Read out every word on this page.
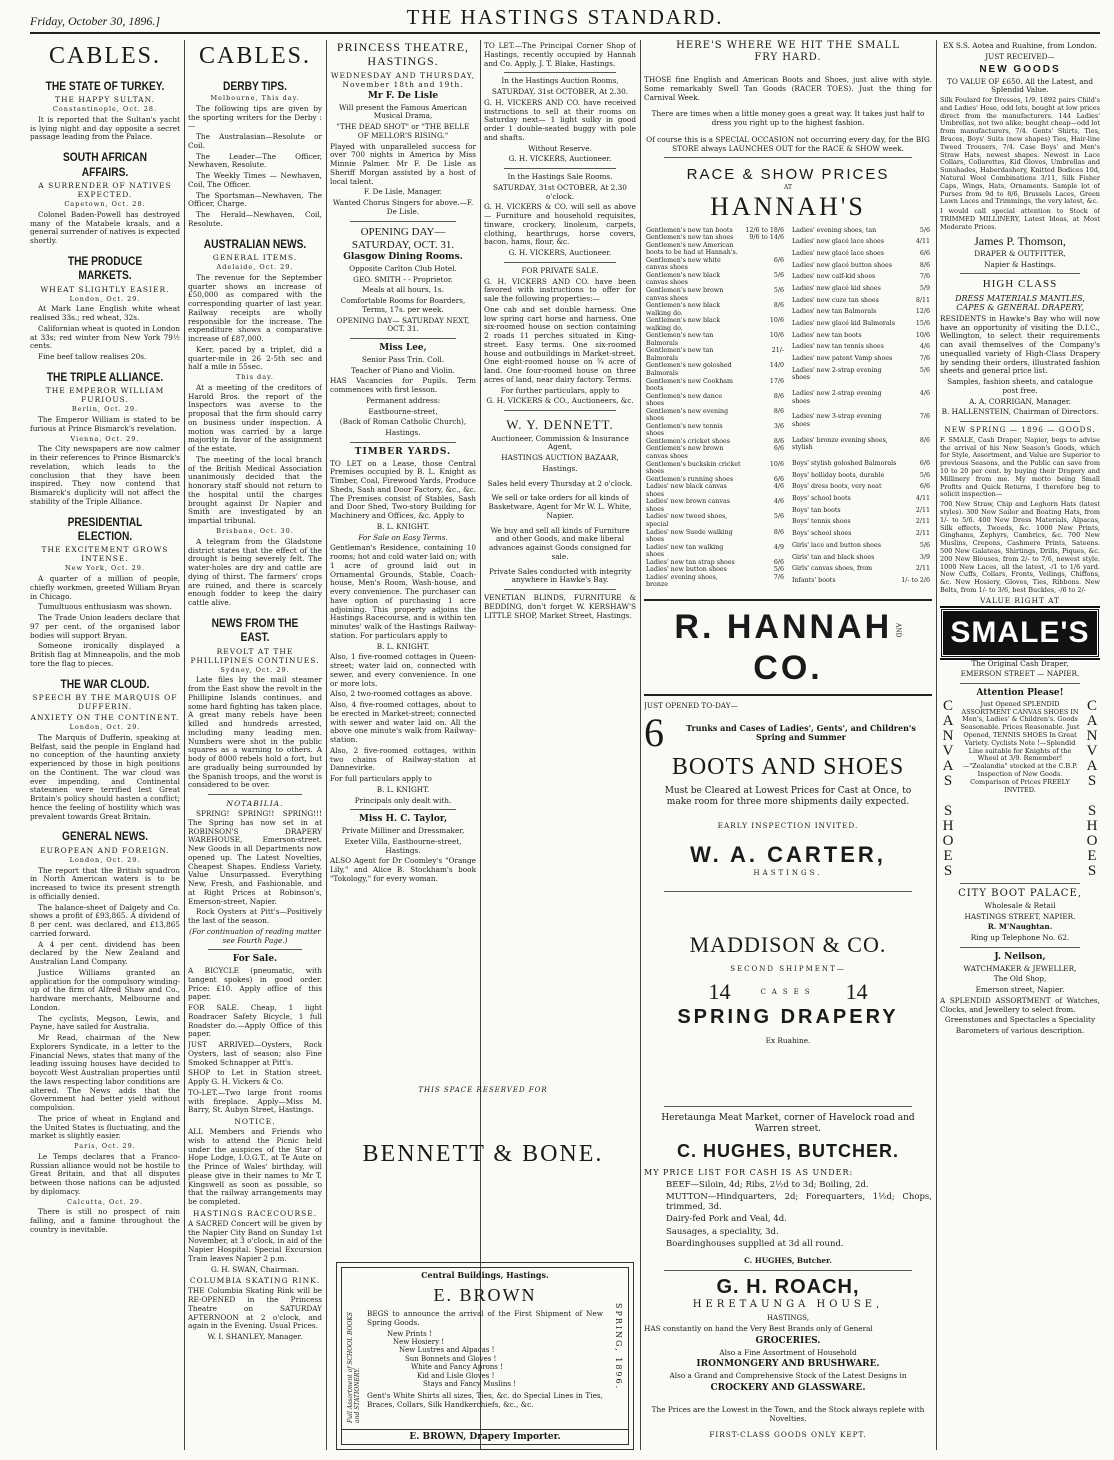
Friday, October 30, 1896.]	THE HASTINGS STANDARD.
CABLES.
THE STATE OF TURKEY.
THE HAPPY SULTAN.
Constantinople, Oct. 28.

It is reported that the Sultan's yacht is lying night and day opposite a secret passage leading from the Palace.

SOUTH AFRICAN AFFAIRS.
A SURRENDER OF NATIVES EXPECTED.
Capetown, Oct. 28.

Colonel Baden-Powell has destroyed many of the Matabele kraals, and a general surrender of natives is expected shortly.

THE PRODUCE MARKETS.
WHEAT SLIGHTLY EASIER.
London, Oct. 29.

At Mark Lane English white wheat realised 33s.; red wheat, 32s.

Californian wheat is quoted in London at 33s; red winter from New York 79½ cents.

Fine beef tallow realises 20s.

THE TRIPLE ALLIANCE.
THE EMPEROR WILLIAM FURIOUS.
Berlin, Oct. 29.

The Emperor William is stated to be furious at Prince Bismarck's revelation.

Vienna, Oct. 29.

The City newspapers are now calmer in their references to Prince Bismarck's revelation, which leads to the conclusion that they have been inspired. They now contend that Bismarck's duplicity will not affect the stability of the Triple Alliance.

PRESIDENTIAL ELECTION.
THE EXCITEMENT GROWS INTENSE.
New York, Oct. 29.

A quarter of a million of people, chiefly workmen, greeted William Bryan in Chicago.

Tumultuous enthusiasm was shown.

The Trade Union leaders declare that 97 per cent. of the organised labor bodies will support Bryan.

Someone ironically displayed a British flag at Minneapolis, and the mob tore the flag to pieces.

THE WAR CLOUD.
SPEECH BY THE MARQUIS OF DUFFERIN.
ANXIETY ON THE CONTINENT.
London, Oct. 29.

The Marquis of Dufferin, speaking at Belfast, said the people in England had no conception of the haunting anxiety experienced by those in high positions on the Continent. The war cloud was ever impending, and Continental statesmen were terrified lest Great Britain's policy should hasten a conflict; hence the feeling of hostility which was prevalent towards Great Britain.

GENERAL NEWS.
EUROPEAN AND FOREIGN.
London, Oct. 29.

The report that the British squadron in North American waters is to be increased to twice its present strength is officially denied.

The balance-sheet of Dalgety and Co. shows a profit of £93,865. A dividend of 8 per cent. was declared, and £13,865 carried forward.

A 4 per cent. dividend has been declared by the New Zealand and Australian Land Company.

Justice Williams granted an application for the compulsory winding-up of the firm of Alfred Shaw and Co., hardware merchants, Melbourne and London.

The cyclists, Megson, Lewis, and Payne, have sailed for Australia.

Mr Read, chairman of the New Explorers Syndicate, in a letter to the Financial News, states that many of the leading issuing houses have decided to boycott West Australian properties until the laws respecting labor conditions are altered. The News adds that the Government had better yield without compulsion.

The price of wheat in England and the United States is fluctuating, and the market is slightly easier.

Paris, Oct. 29.

Le Temps declares that a Franco-Russian alliance would not be hostile to Great Britain, and that all disputes between those nations can be adjusted by diplomacy.

Calcutta, Oct. 29.

There is still no prospect of rain falling, and a famine throughout the country is inevitable.

CABLES.
DERBY TIPS.
Melbourne, This day.

The following tips are given by the sporting writers for the Derby :—

The Australasian—Resolute or Coil.

The Leader—The Officer, Newhaven, Resolute.

The Weekly Times — Newhaven, Coil, The Officer.

The Sportsman—Newhaven, The Officer, Charge.

The Herald—Newhaven, Coil, Resolute.

AUSTRALIAN NEWS.
GENERAL ITEMS.
Adelaide, Oct. 29.

The revenue for the September quarter shows an increase of £50,000 as compared with the corresponding quarter of last year. Railway receipts are wholly responsible for the increase. The expenditure shows a comparative increase of £87,000.

Kerr, paced by a triplet, did a quarter-mile in 26 2-5th sec and half a mile in 55sec.

This day.

At a meeting of the creditors of Harold Bros. the report of the Inspectors was averse to the proposal that the firm should carry on business under inspection. A motion was carried by a large majority in favor of the assignment of the estate.

The meeting of the local branch of the British Medical Association unanimously decided that the honorary staff should not return to the hospital until the charges brought against Dr Napier and Smith are investigated by an impartial tribunal.

Brisbane, Oct. 30.

A telegram from the Gladstone district states that the effect of the drought is being severely felt. The water-holes are dry and cattle are dying of thirst. The farmers' crops are ruined, and there is scarcely enough fodder to keep the dairy cattle alive.

NEWS FROM THE EAST.
REVOLT AT THE PHILLIPINES CONTINUES.
Sydney, Oct. 29.

Late files by the mail steamer from the East show the revolt in the Phillipine Islands continues, and some hard fighting has taken place. A great many rebels have been killed and hundreds arrested, including many leading men. Numbers were shot in the public squares as a warning to others. A body of 8000 rebels hold a fort, but are gradually being surrounded by the Spanish troops, and the worst is considered to be over.

NOTABILIA.

SPRING! SPRING!! SPRING!!! The Spring has now set in at ROBINSON'S DRAPERY WAREHOUSE, Emerson-street. New Goods in all Departments now opened up. The Latest Novelties, Cheapest Shapes. Endless Variety. Value Unsurpassed. Everything New, Fresh, and Fashionable, and at Right Prices at Robinson's, Emerson-street, Napier.

Rock Oysters at Pitt's—Positively the last of the season.

(For continuation of reading matter see Fourth Page.)

For Sale.

A BICYCLE (pneumatic, with tangent spokes) in good order. Price: £10. Apply office of this paper.

FOR SALE. Cheap, 1 light Roadracer Safety Bicycle, 1 full Roadster do.—Apply Office of this paper.

JUST ARRIVED—Oysters, Rock Oysters, last of season; also Fine Smoked Schnapper at Pitt's.

SHOP to Let in Station street. Apply G. H. Vickers & Co.

TO-LET.—Two large front rooms with fireplace. Apply—Miss M. Barry, St. Aubyn Street, Hastings.

NOTICE.

ALL Members and Friends who wish to attend the Picnic held under the auspices of the Star of Hope Lodge, I.O.G.T., at Te Aute on the Prince of Wales' birthday, will please give in their names to Mr T. Kingswell as soon as possible, so that the railway arrangements may be completed.

HASTINGS RACECOURSE.

A SACRED Concert will be given by the Napier City Band on Sunday 1st November, at 3 o'clock, in aid of the Napier Hospital. Special Excursion Train leaves Napier 2 p.m.

G. H. SWAN, Chairman.

COLUMBIA SKATING RINK.

THE Columbia Skating Rink will be RE-OPENED in the Princess Theatre on SATURDAY AFTERNOON at 2 o'clock, and again in the Evening. Usual Prices.

W. I. SHANLEY, Manager.

PRINCESS THEATRE, HASTINGS.
WEDNESDAY AND THURSDAY, November 18th and 19th.
Mr F. De Lisle

Will present the Famous American Musical Drama,

"THE DEAD SHOT" or "THE BELLE OF MELLOR'S RISING."

Played with unparalleled success for over 700 nights in America by Miss Minnie Palmer. Mr F. De Lisle as Sheriff Morgan assisted by a host of local talent.

F. De Lisle, Manager.

Wanted Chorus Singers for above.—F. De Lisle.

OPENING DAY— SATURDAY, OCT. 31.
Glasgow Dining Rooms.

Opposite Carlton Club Hotel.

GEO. SMITH - - Proprietor.

Meals at all hours, 1s.

Comfortable Rooms for Boarders, Terms, 17s. per week.

OPENING DAY— SATURDAY NEXT, OCT. 31.

Miss Lee,

Senior Pass Trin. Coll.

Teacher of Piano and Violin.

HAS Vacancies for Pupils. Term commences with first lesson.

Permanent address:

Eastbourne-street,

(Back of Roman Catholic Church),

Hastings.

TIMBER YARDS.

TO LET on a Lease, those Central Premises occupied by B. L. Knight as Timber, Coal, Firewood Yards, Produce Sheds, Sash and Door Factory, &c., &c. The Premises consist of Stables, Sash and Door Shed, Two-story Building for Machinery and Offices, &c. Apply to

B. L. KNIGHT.

For Sale on Easy Terms.

Gentleman's Residence, containing 10 rooms; hot and cold water laid on; with 1 acre of ground laid out in Ornamental Grounds, Stable, Coach-house, Men's Room, Wash-house, and every convenience. The purchaser can have option of purchasing 1 acre adjoining. This property adjoins the Hastings Racecourse, and is within ten minutes' walk of the Hastings Railway-station. For particulars apply to

B. L. KNIGHT.

Also, 1 five-roomed cottages in Queen-street; water laid on, connected with sewer, and every convenience. In one or more lots.

Also, 2 two-roomed cottages as above.

Also, 4 five-roomed cottages, about to be erected in Market-street; connected with sewer and water laid on. All the above one minute's walk from Railway-station.

Also, 2 five-roomed cottages, within two chains of Railway-station at Dannevirke.

For full particulars apply to

B. L. KNIGHT.

Principals only dealt with.

Miss H. C. Taylor,

Private Milliner and Dressmaker,

Exeter Villa, Eastbourne-street, Hastings.

ALSO Agent for Dr Coomley's "Orange Lily," and Alice B. Stockham's book "Tokology," for every woman.

TO LET.—The Principal Corner Shop of Hastings, recently occupied by Hannah and Co. Apply, J. T. Blake, Hastings.

In the Hastings Auction Rooms,

SATURDAY, 31st OCTOBER, At 2.30.

G. H. VICKERS AND CO. have received instructions to sell at their rooms on Saturday next— 1 light sulky in good order 1 double-seated buggy with pole and shafts.

Without Reserve.

G. H. VICKERS, Auctioneer.

In the Hastings Sale Rooms.

SATURDAY, 31st OCTOBER, At 2.30 o'clock.

G. H. VICKERS & CO. will sell as above— Furniture and household requisites, tinware, crockery, linoleum, carpets, clothing, hearthrugs, horse covers, bacon, hams, flour, &c.

G. H. VICKERS, Auctioneer.

FOR PRIVATE SALE.

G. H. VICKERS AND CO. have been favored with instructions to offer for sale the following properties:—

One cab and set double harness. One low spring cart horse and harness. One six-roomed house on section containing 2 roads 11 perches situated in King-street. Easy terms. One six-roomed house and outbuildings in Market-street. One eight-roomed house on ¾ acre of land. One four-roomed house on three acres of land, near dairy factory. Terms.

For further particulars, apply to

G. H. VICKERS & CO., Auctioneers, &c.

W. Y. DENNETT.

Auctioneer, Commission & Insurance Agent,

HASTINGS AUCTION BAZAAR,

Hastings.

Sales held every Thursday at 2 o'clock.

We sell or take orders for all kinds of Basketware, Agent for Mr W. L. White, Napier.

We buy and sell all kinds of Furniture and other Goods, and make liberal advances against Goods consigned for sale.

Private Sales conducted with integrity anywhere in Hawke's Bay.

VENETIAN BLINDS, FURNITURE & BEDDING, don't forget W. KERSHAW'S LITTLE SHOP, Market Street, Hastings.

THIS SPACE RESERVED FOR
BENNETT & BONE.
Full Assortment of SCHOOL BOOKS and STATIONERY.
SPRING, 1896.
Central Buildings, Hastings.
E. BROWN

BEGS to announce the arrival of the First Shipment of New Spring Goods.

New Prints !
New Hosiery !
New Lustres and Alpacas !
Sun Bonnets and Gloves !
White and Fancy Aprons !
Kid and Lisle Gloves !
Stays and Fancy Muslins !

Gent's White Shirts all sizes, Ties, &c. do Special Lines in Ties, Braces, Collars, Silk Handkerchiefs, &c., &c.

E. BROWN, Drapery Importer.
HERE'S WHERE WE HIT THE SMALL
FRY HARD.

THOSE fine English and American Boots and Shoes, just alive with style. Some remarkably Swell Tan Goods (RACER TOES). Just the thing for Carnival Week.

There are times when a little money goes a great way. It takes just half to dress you right up to the highest fashion.

Of course this is a SPECIAL OCCASION not occurring every day, for the BIG STORE always LAUNCHES OUT for the RACE & SHOW week.

RACE & SHOW PRICES
AT
HANNAH'S
Gentlemen's new tan boots	12/6 to 18/6
Gentlemen's new tan shoes	9/6 to 14/6
Gentlemen's new American boots to be had at Hannah's.	
Gentlemen's new white canvas shoes	6/6
Gentlemen's new black canvas shoes	5/6
Gentlemen's new brown canvas shoes	5/6
Gentlemen's new black walking do.	8/6
Gentlemen's new black walking do.	10/6
Gentlemen's new tan Balmorals	10/6
Gentlemen's new tan Balmorals	21/-
Gentlemen's new goloshed Balmorals	14/0
Gentlemen's new Cookham boots	17/6
Gentlemen's new dance shoes	8/6
Gentlemen's new evening shoes	8/6
Gentlemen's new tennis shoes	3/6
Gentlemen's cricket shoes	8/6
Gentlemen's new brown canvas shoes	6/6
Gentlemen's buckskin cricket shoes	10/6
Gentlemen's running shoes	6/6
Ladies' new black canvas shoes	4/6
Ladies' new brown canvas shoes	4/6
Ladies' new tweed shoes, special	5/6
Ladies' new Suede walking shoes	8/6
Ladies' new tan walking shoes	4/9
Ladies' new tan strap shoes	6/6
Ladies' new button shoes	5/6
Ladies' evening shoes, bronze	7/6
Ladies' evening shoes, tan	5/6
Ladies' new glacé lace shoes	4/11
Ladies' new glacé lace shoes	6/6
Ladies' new glacé button shoes	8/6
Ladies' new calf-kid shoes	7/6
Ladies' new glacé kid shoes	5/9
Ladies' new cuze tan shoes	8/11
Ladies' new tan Balmorals	12/6
Ladies' new glacé kid Balmorals	15/6
Ladies' new tan boots	10/6
Ladies' new tan tennis shoes	4/6
Ladies' new patent Vamp shoes	7/6
Ladies' new 2-strap evening shoes	5/6
Ladies' new 2-strap evening shoes	4/6
Ladies' new 3-strap evening shoes	7/6
Ladies' bronze evening shoes, stylish	8/6
Boys' stylish goloshed Balmorals	6/6
Boys' holliday boots, durable	5/6
Boys' dress boots, very neat	6/6
Boys' school boots	4/11
Boys' tan boots	2/11
Boys' tennis shoes	2/11
Boys' school shoes	2/11
Girls' lace and button shoes	5/6
Girls' tan and black shoes	3/9
Girls' canvas shoes, from	2/11
Infants' boots	1/- to 2/6
R. HANNAH AND CO.

JUST OPENED TO-DAY—

6	Trunks and Cases of Ladies', Gents', and Children's Spring and Summer
BOOTS AND SHOES

Must be Cleared at Lowest Prices for Cast at Once, to make room for three more shipments daily expected.

EARLY INSPECTION INVITED.

W. A. CARTER,
HASTINGS.
MADDISON & CO.
SECOND SHIPMENT—
14	CASES 14
SPRING DRAPERY

Ex Ruahine.

Heretaunga Meat Market, corner of Havelock road and Warren street.

C. HUGHES, BUTCHER.

MY PRICE LIST FOR CASH IS AS UNDER:

BEEF—Siloin, 4d; Ribs, 2½d to 3d; Boiling, 2d.

MUTTON—Hindquarters, 2d; Forequarters, 1½d; Chops, trimmed, 3d.

Dairy-fed Pork and Veal, 4d.

Sausages, a speciality, 3d.

Boardinghouses supplied at 3d all round.

C. HUGHES, Butcher.

G. H. ROACH,
HERETAUNGA HOUSE,
HASTINGS,

HAS constantly on hand the Very Best Brands only of General

GROCERIES.

Also a Fine Assortment of Household

IRONMONGERY AND BRUSHWARE.

Also a Grand and Comprehensive Stock of the Latest Designs in

CROCKERY AND GLASSWARE.

The Prices are the Lowest in the Town, and the Stock always replete with Novelties.

FIRST-CLASS GOODS ONLY KEPT.

EX S.S. Aotea and Ruahine, from London.

JUST RECEIVED—

NEW GOODS

TO VALUE OF £650. All the Latest, and Splendid Value.

Silk Foulard for Dresses, 1/9. 1892 pairs Child's and Ladies' Hose, odd lots, bought at low prices direct from the manufacturers. 144 Ladies' Umbrellas, not two alike; bought cheap—odd lot from manufacturers, 7/4. Gents' Shirts, Ties, Braces, Boys' Suits (new shapes) Ties, Hair-line Tweed Trousers, 7/4. Case Boys' and Men's Straw Hats, newest shapes. Newest in Lace Collars, Collarettes, Kid Gloves, Umbrellas and Sunshades, Haberdashery, Knitted Bodices 10d, Natural Wool Combinations 3/11, Silk Fisher Caps, Wings, Hats, Ornaments. Sample lot of Purses from 9d to 8/6, Brussels Laces, Green Lawn Laces and Trimmings, the very latest, &c.

I would call special attention to Stock of TRIMMED MILLINERY, Latest Ideas, at Most Moderate Prices.

James P. Thomson,

DRAPER & OUTFITTER,

Napier & Hastings.

HIGH CLASS

DRESS MATERIALS MANTLES, CAPES & GENERAL DRAPERY,

RESIDENTS in Hawke's Bay who will now have an opportunity of visiting the D.I.C., Wellington, to select their requirements can avail themselves of the Company's unequalled variety of High-Class Drapery by sending their orders, illustrated fashion sheets and general price list.

Samples, fashion sheets, and catalogue post free.

A. A. CORRIGAN, Manager.

B. HALLENSTEIN, Chairman of Directors.

NEW SPRING — 1896 — GOODS.

F. SMALE, Cash Draper, Napier, begs to advise the arrival of his New Season's Goods, which for Style, Assortment, and Value are Superior to previous Seasons, and the Public can save from 10 to 20 per cent. by buying their Drapery and Millinery from me. My motto being Small Profits and Quick Returns, I therefore beg to solicit inspection—

700 New Straw, Chip and Leghorn Hats (latest styles). 300 New Sailor and Boating Hats, from 1/- to 5/6. 400 New Dress Materials, Alpacas, Silk effects, Tweeds, &c. 1000 New Prints, Ginghams, Zephyrs, Cambrics, &c. 700 New Muslins, Crepons, Cashmere Prints, Sateens. 500 New Galateas, Shirtings, Drills, Piques, &c. 200 New Blouses, from 2/- to 7/6, newest style. 1000 New Laces, all the latest, -/1 to 1/6 yard. New Cuffs, Collars, Fronts, Veilings, Chiffons, &c. New Hosiery, Gloves, Ties, Ribbons. New Belts, from 1/- to 3/6, best Buckles, -/6 to 2/-

VALUE RIGHT AT

SMALE'S

The Original Cash Draper,

EMERSON STREET — NAPIER.

Attention Please!
C
A
N
V
A
S

S
H
O
E
S

Just Opened SPLENDID ASSORTMENT CANVAS SHOES IN Men's, Ladies' & Children's. Goods Seasonable. Prices Reasonable. Just Opened, TENNIS SHOES In Great Variety. Cyclists Note !—Splendid Line suitable for Knights of the Wheel at 3/9. Remember!—"Zealandia" stocked at the C.B.P. Inspection of New Goods. Comparison of Prices FREELY INVITED.

C
A
N
V
A
S

S
H
O
E
S
CITY BOOT PALACE,

Wholesale & Retail

HASTINGS STREET, NAPIER.

R. M'Naughtan.

Ring up Telephone No. 62.

J. Neilson,

WATCHMAKER & JEWELLER,

The Old Shop,

Emerson street, Napier.

A SPLENDID ASSORTMENT of Watches, Clocks, and Jewellery to select from.

Greenstones and Spectacles a Speciality

Barometers of various description.
